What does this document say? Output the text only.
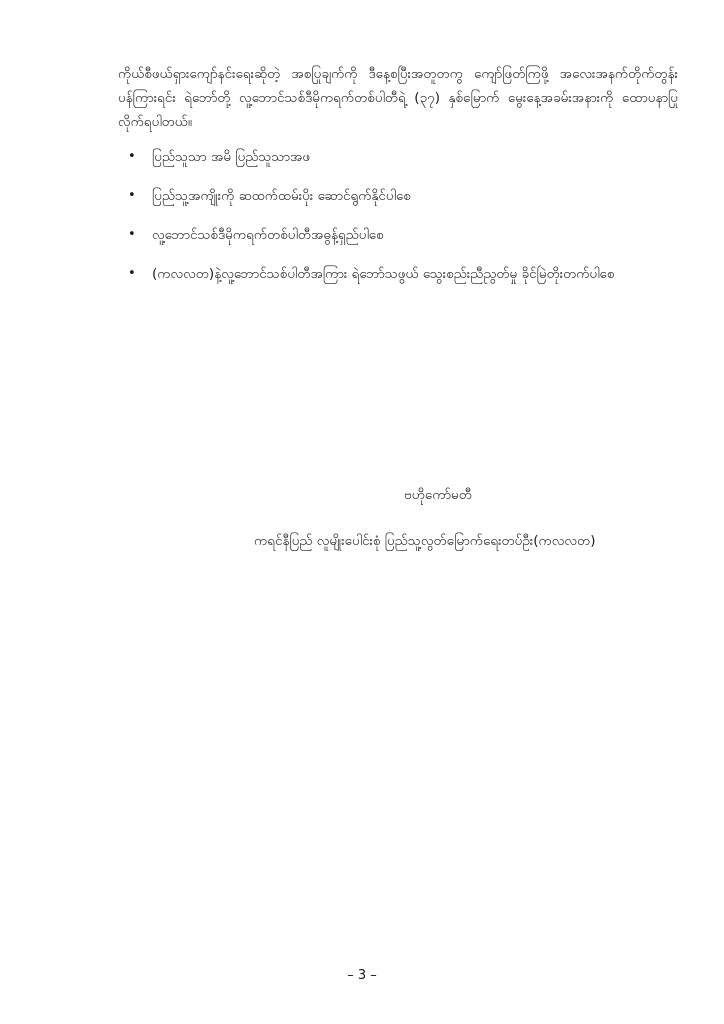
ကိုယ်စီဖယ်ရှားကျော်နင်းရေးဆိုတဲ့ အစပြုချက်ကို ဒီနေ့စပြီးအတူတကွ ကျော်ဖြတ်ကြဖို့ အလေးအနက်တိုက်တွန်းပန်ကြားရင်း ရဲဘော်တို့ လူ့ဘောင်သစ်ဒီမိုကရက်တစ်ပါတီရဲ့ (၃၇) နှစ်မြောက် မွေးနေ့အခမ်းအနားကို ထောပနာပြုလိုက်ရပါတယ်။

• ပြည်သူသာ အမိ ပြည်သူသာအဖ
• ပြည်သူ့အကျိုးကို ဆထက်ထမ်းပိုး ဆောင်ရွက်နိုင်ပါစေ
• လူ့ဘောင်သစ်ဒီမိုကရက်တစ်ပါတီအဓွန့်ရှည်ပါစေ
• (ကလလတ)နဲ့လူ့ဘောင်သစ်ပါတီအကြား ရဲဘော်သဖွယ် သွေးစည်းညီညွတ်မှု ခိုင်မြဲတိုးတက်ပါစေ

ဗဟိုကော်မတီ

ကရင်နီပြည် လူမျိုးပေါင်းစုံ ပြည်သူ့လွတ်မြောက်ရေးတပ်ဦး(ကလလတ)

– 3 –
